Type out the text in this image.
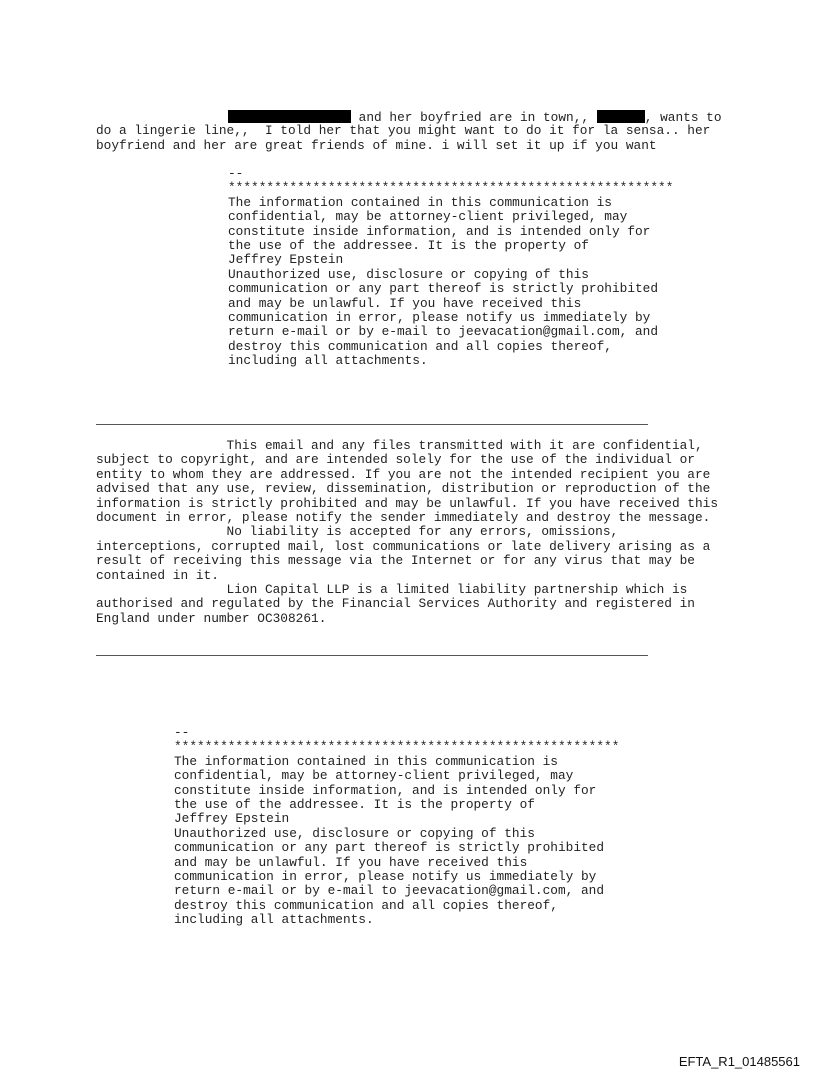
and her boyfried are in town,,	, wants to
do a lingerie line,,  I told her that you might want to do it for la sensa.. her
boyfriend and her are great friends of mine. i will set it up if you want
--
**********************************************************
The information contained in this communication is
confidential, may be attorney-client privileged, may
constitute inside information, and is intended only for
the use of the addressee. It is the property of
Jeffrey Epstein
Unauthorized use, disclosure or copying of this
communication or any part thereof is strictly prohibited
and may be unlawful. If you have received this
communication in error, please notify us immediately by
return e-mail or by e-mail to jeevacation@gmail.com, and
destroy this communication and all copies thereof,
including all attachments.
This email and any files transmitted with it are confidential,
subject to copyright, and are intended solely for the use of the individual or
entity to whom they are addressed. If you are not the intended recipient you are
advised that any use, review, dissemination, distribution or reproduction of the
information is strictly prohibited and may be unlawful. If you have received this
document in error, please notify the sender immediately and destroy the message.
No liability is accepted for any errors, omissions,
interceptions, corrupted mail, lost communications or late delivery arising as a
result of receiving this message via the Internet or for any virus that may be
contained in it.
Lion Capital LLP is a limited liability partnership which is
authorised and regulated by the Financial Services Authority and registered in
England under number OC308261.
--
**********************************************************
The information contained in this communication is
confidential, may be attorney-client privileged, may
constitute inside information, and is intended only for
the use of the addressee. It is the property of
Jeffrey Epstein
Unauthorized use, disclosure or copying of this
communication or any part thereof is strictly prohibited
and may be unlawful. If you have received this
communication in error, please notify us immediately by
return e-mail or by e-mail to jeevacation@gmail.com, and
destroy this communication and all copies thereof,
including all attachments.
EFTA_R1_01485561
